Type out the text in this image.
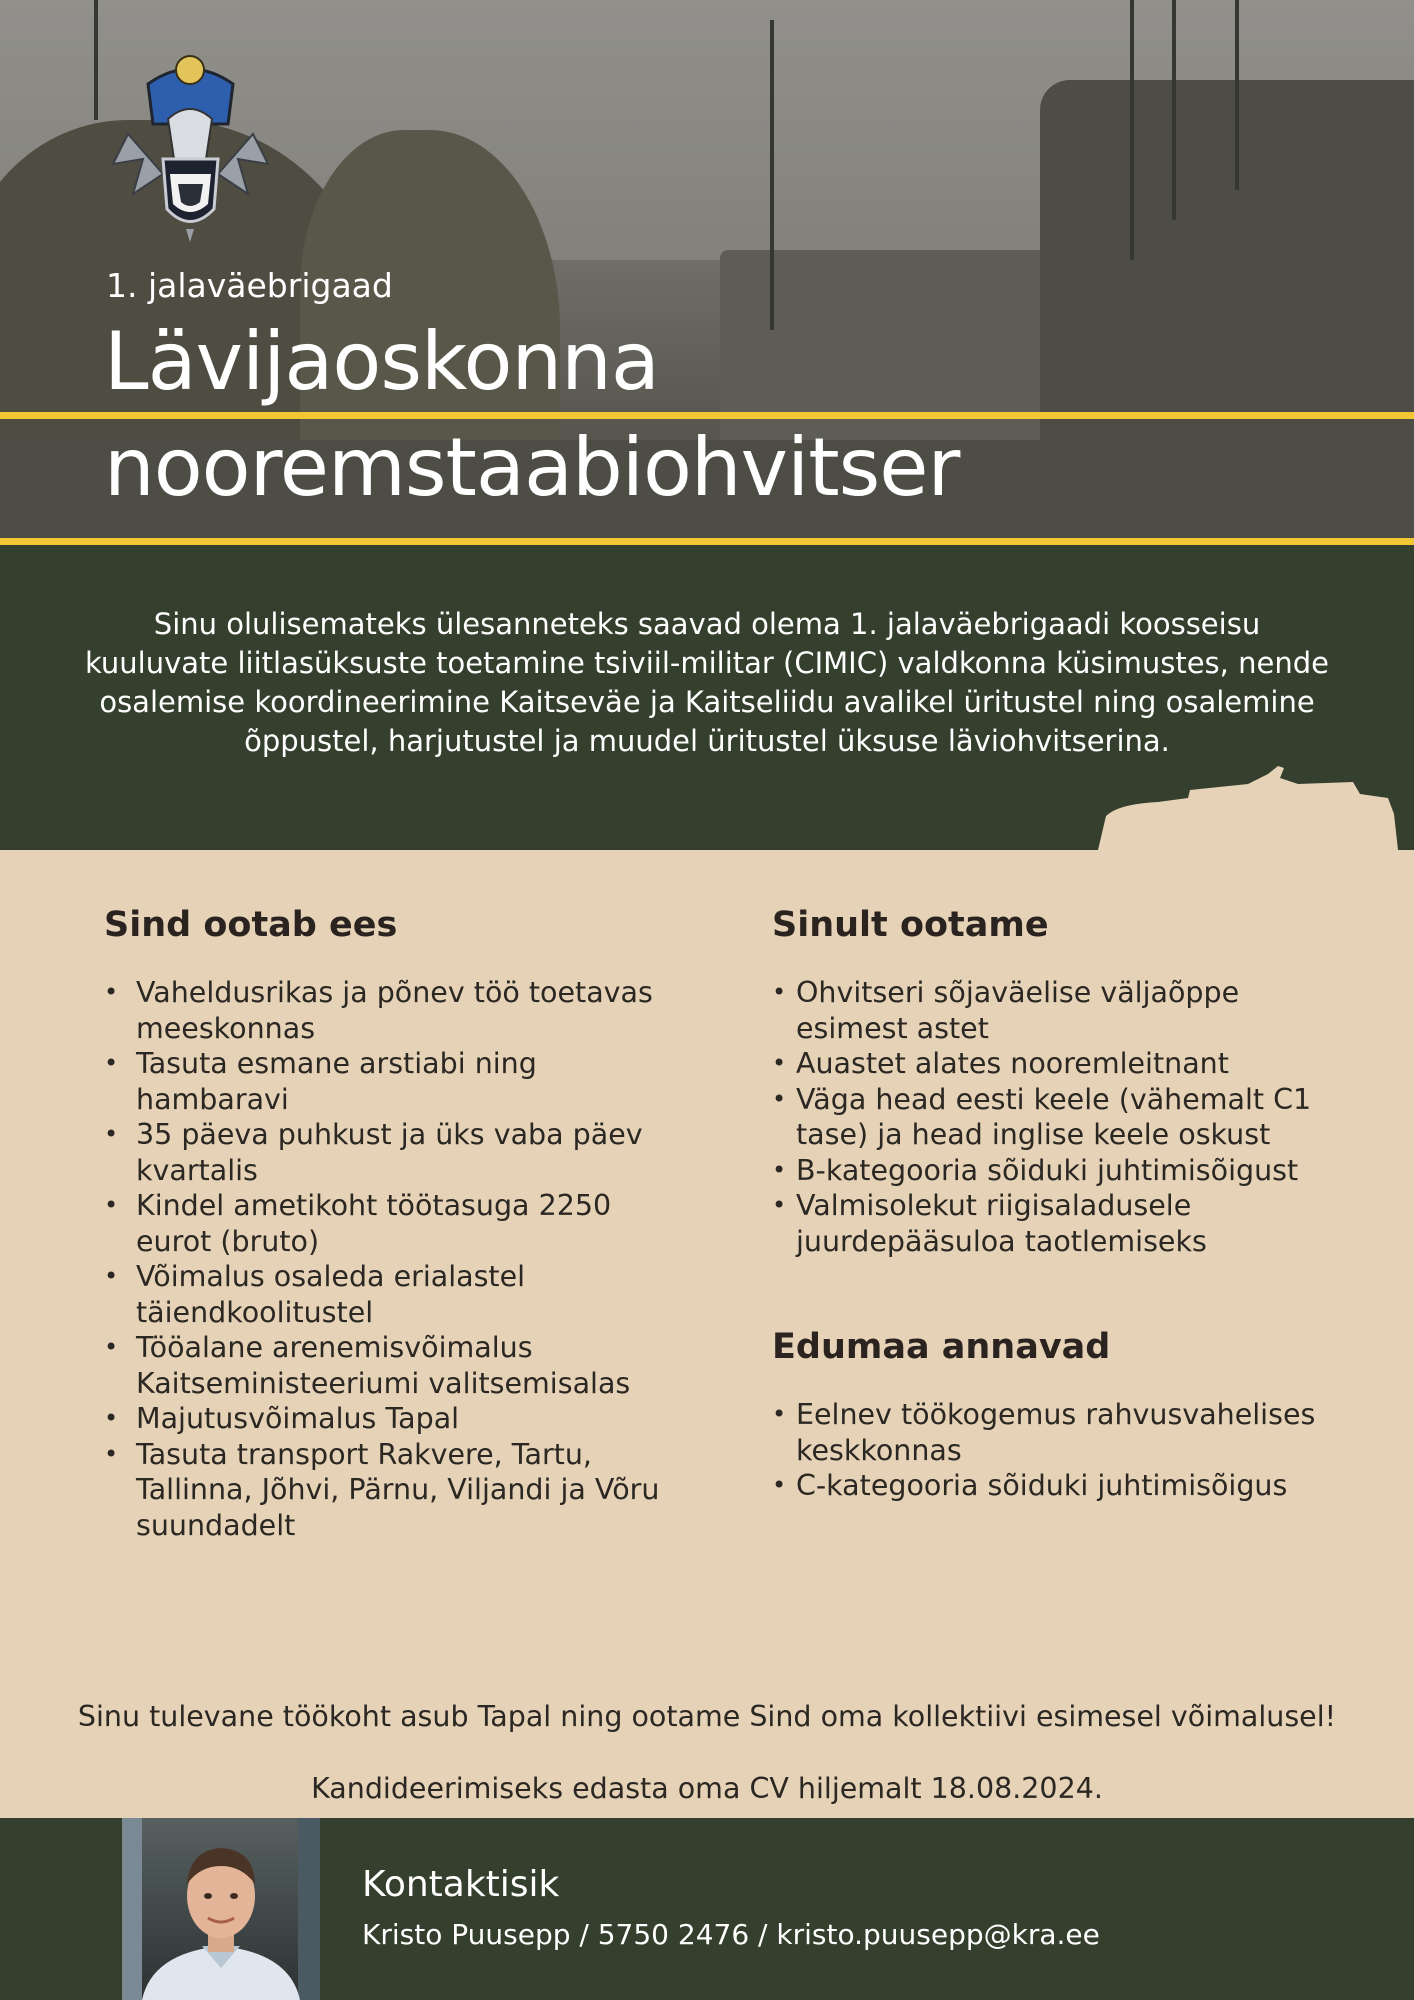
1. jalaväebrigaad
Lävijaoskonna
nooremstaabiohvitser

Sinu olulisemateks ülesanneteks saavad olema 1. jalaväebrigaadi koosseisu kuuluvate liitlasüksuste toetamine tsiviil-militar (CIMIC) valdkonna küsimustes, nende osalemise koordineerimine Kaitseväe ja Kaitseliidu avalikel üritustel ning osalemine õppustel, harjutustel ja muudel üritustel üksuse läviohvitserina.

Sind ootab ees
• Vaheldusrikas ja põnev töö toetavas meeskonnas
• Tasuta esmane arstiabi ning hambaravi
• 35 päeva puhkust ja üks vaba päev kvartalis
• Kindel ametikoht töötasuga 2250 eurot (bruto)
• Võimalus osaleda erialastel täiendkoolitustel
• Tööalane arenemisvõimalus Kaitseministeeriumi valitsemisalas
• Majutusvõimalus Tapal
• Tasuta transport Rakvere, Tartu, Tallinna, Jõhvi, Pärnu, Viljandi ja Võru suundadelt
Sinult ootame
• Ohvitseri sõjaväelise väljaõppe esimest astet
• Auastet alates nooremleitnant
• Väga head eesti keele (vähemalt C1 tase) ja head inglise keele oskust
• B-kategooria sõiduki juhtimisõigust
• Valmisolekut riigisaladusele juurdepääsuloa taotlemiseks
Edumaa annavad
• Eelnev töökogemus rahvusvahelises keskkonnas
• C-kategooria sõiduki juhtimisõigus
Sinu tulevane töökoht asub Tapal ning ootame Sind oma kollektiivi esimesel võimalusel!
Kandideerimiseks edasta oma CV hiljemalt 18.08.2024.
Kontaktisik
Kristo Puusepp / 5750 2476 / kristo.puusepp@kra.ee
